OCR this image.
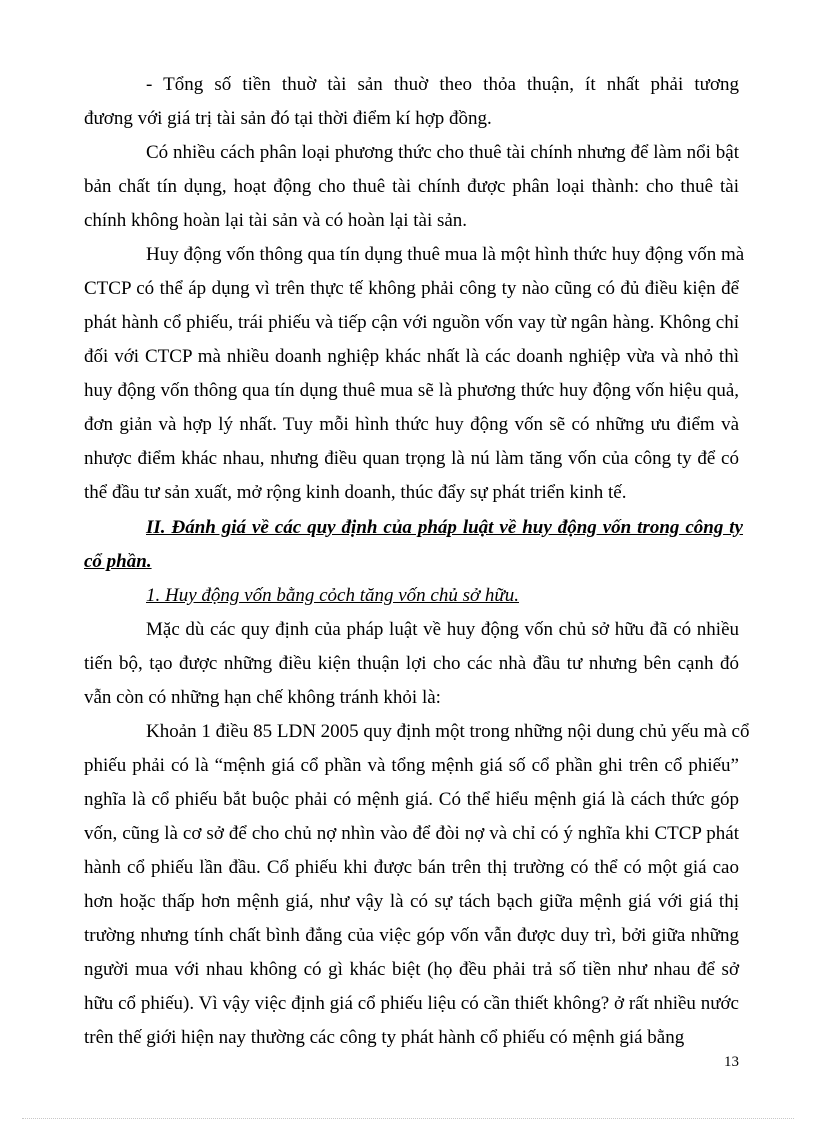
- Tổng số tiền thuờ tài sản thuờ theo thỏa thuận, ít nhất phải tương

đương với giá trị tài sản đó tại thời điểm kí hợp đồng.

Có nhiều cách phân loại phương thức cho thuê tài chính nhưng để làm nổi bật

bản chất tín dụng, hoạt động cho thuê tài chính được phân loại thành: cho thuê tài

chính không hoàn lại tài sản và có hoàn lại tài sản.

Huy động vốn thông qua tín dụng thuê mua là một hình thức huy động vốn mà

CTCP có thể áp dụng vì trên thực tế không phải công ty nào cũng có đủ điều kiện để

phát hành cổ phiếu, trái phiếu và tiếp cận với nguồn vốn vay từ ngân hàng. Không chỉ

đối với CTCP mà nhiều doanh nghiệp khác nhất là các doanh nghiệp vừa và nhỏ thì

huy động vốn thông qua tín dụng thuê mua sẽ là phương thức huy động vốn hiệu quả,

đơn giản và hợp lý nhất. Tuy mỗi hình thức huy động vốn sẽ có những ưu điểm và

nhược điểm khác nhau, nhưng điều quan trọng là nú làm tăng vốn của công ty để có

thể đầu tư sản xuất, mở rộng kinh doanh, thúc đẩy sự phát triển kinh tế.

II. Đánh giá về các quy định của pháp luật về huy động vốn trong công ty

cổ phần.

1. Huy động vốn bằng cỏch tăng vốn chủ sở hữu.

Mặc dù các quy định của pháp luật về huy động vốn chủ sở hữu đã có nhiều

tiến bộ, tạo được những điều kiện thuận lợi cho các nhà đầu tư nhưng bên cạnh đó

vẫn còn có những hạn chế không tránh khỏi là:

Khoản 1 điều 85 LDN 2005 quy định một trong những nội dung chủ yếu mà cổ

phiếu phải có là “mệnh giá cổ phần và tổng mệnh giá số cổ phần ghi trên cổ phiếu”

nghĩa là cổ phiếu bắt buộc phải có mệnh giá. Có thể hiểu mệnh giá là cách thức góp

vốn, cũng là cơ sở để cho chủ nợ nhìn vào để đòi nợ và chỉ có ý nghĩa khi CTCP phát

hành cổ phiếu lần đầu. Cổ phiếu khi được bán trên thị trường có thể có một giá cao

hơn hoặc thấp hơn mệnh giá, như vậy là có sự tách bạch giữa mệnh giá với giá thị

trường nhưng tính chất bình đẳng của việc góp vốn vẫn được duy trì, bởi giữa những

người mua với nhau không có gì khác biệt (họ đều phải trả số tiền như nhau để sở

hữu cổ phiếu). Vì vậy việc định giá cổ phiếu liệu có cần thiết không? ở rất nhiều nước

trên thế giới hiện nay thường các công ty phát hành cổ phiếu có mệnh giá bằng

13
